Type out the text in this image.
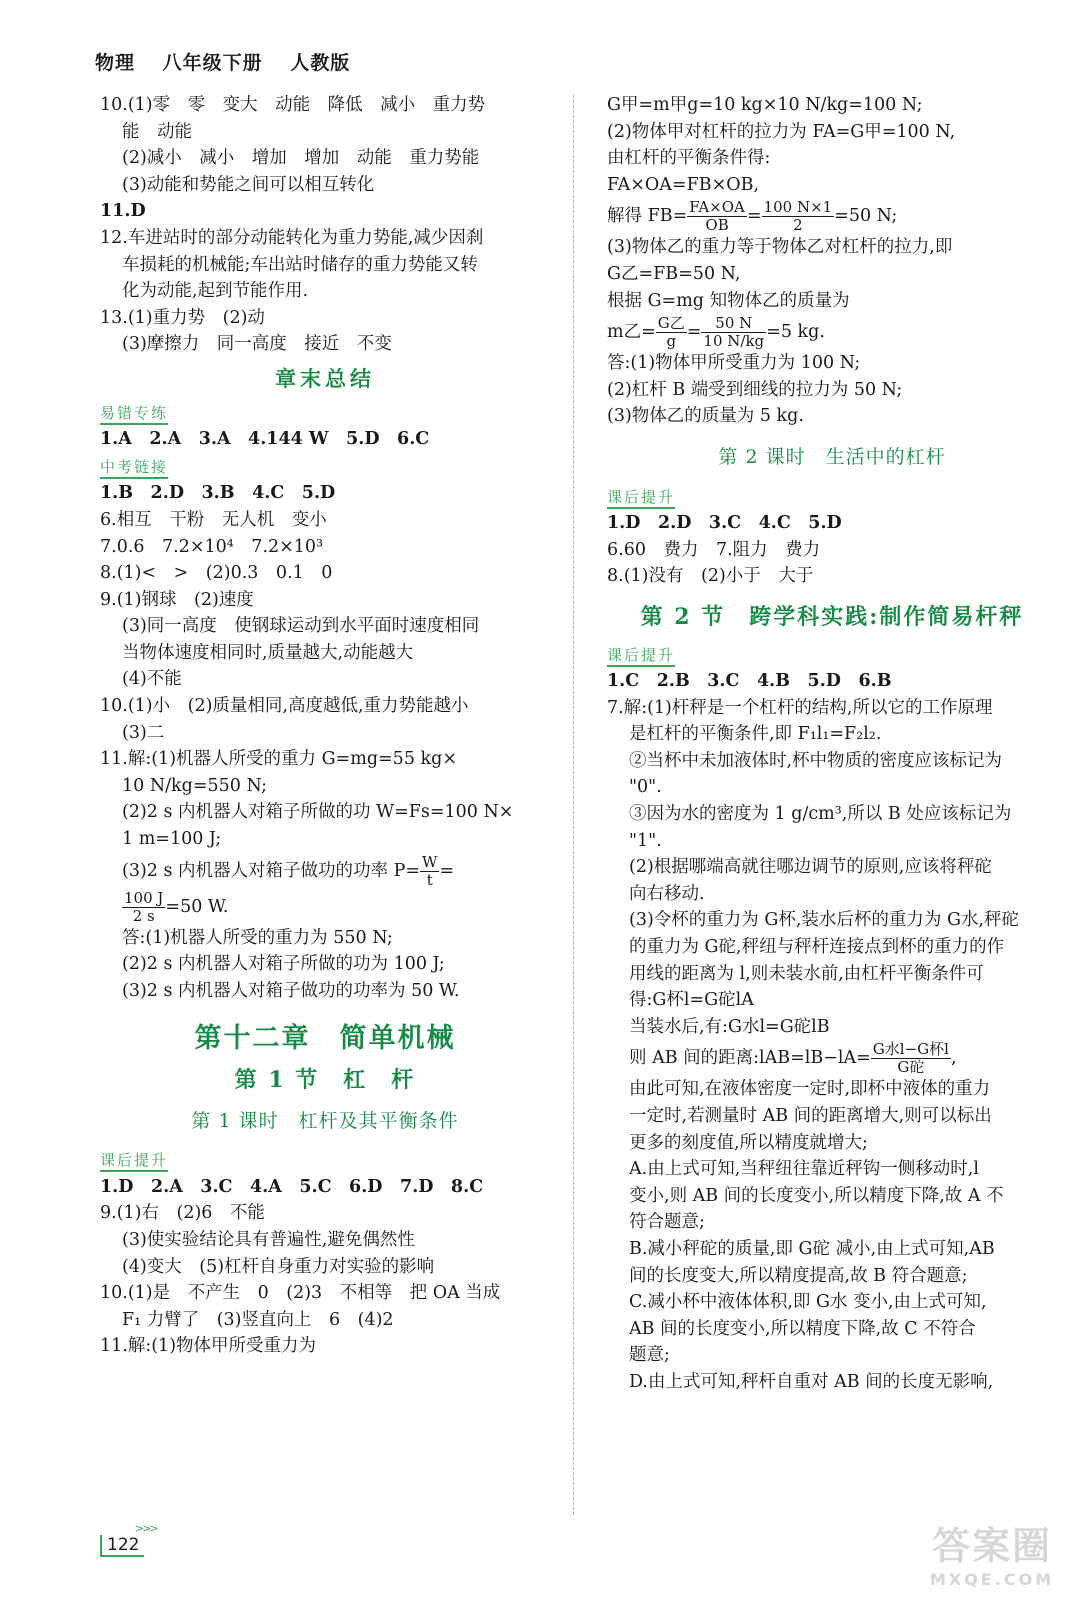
物理 八年级下册 人教版
10.(1)零　零　变大　动能　降低　减小　重力势
能　动能
(2)减小　减小　增加　增加　动能　重力势能
(3)动能和势能之间可以相互转化
11.D
12.车进站时的部分动能转化为重力势能,减少因刹
车损耗的机械能;车出站时储存的重力势能又转
化为动能,起到节能作用.
13.(1)重力势　(2)动
(3)摩擦力　同一高度　接近　不变
章末总结
易错专练
1.A　2.A　3.A　4.144 W　5.D　6.C
中考链接
1.B　2.D　3.B　4.C　5.D
6.相互　干粉　无人机　变小
7.0.6　7.2×10⁴　7.2×10³
8.(1)<　>　(2)0.3　0.1　0
9.(1)钢球　(2)速度
(3)同一高度　使钢球运动到水平面时速度相同
当物体速度相同时,质量越大,动能越大
(4)不能
10.(1)小　(2)质量相同,高度越低,重力势能越小
(3)二
11.解:(1)机器人所受的重力 G=mg=55 kg×
10 N/kg=550 N;
(2)2 s 内机器人对箱子所做的功 W=Fs=100 N×
1 m=100 J;
(3)2 s 内机器人对箱子做功的功率 $P= \frac{W}{t}$ =
$\frac{100 J}{2 s} =50$ W.
答:(1)机器人所受的重力为 550 N;
(2)2 s 内机器人对箱子所做的功为 100 J;
(3)2 s 内机器人对箱子做功的功率为 50 W.
第十二章　简单机械
第 1 节　杠　杆
第 1 课时　杠杆及其平衡条件
课后提升
1.D　2.A　3.C　4.A　5.C　6.D　7.D　8.C
9.(1)右　(2)6　不能
(3)使实验结论具有普遍性,避免偶然性
(4)变大　(5)杠杆自身重力对实验的影响
10.(1)是　不产生　0　(2)3　不相等　把 OA 当成
F₁ 力臂了　(3)竖直向上　6　(4)2
11.解:(1)物体甲所受重力为
G甲=m甲g=10 kg×10 N/kg=100 N;
(2)物体甲对杠杆的拉力为 FA=G甲=100 N,
由杠杆的平衡条件得:
FA×OA=FB×OB,
解得 $FB= \frac{FA\times OA}{OB} = \frac{100 N\times 1}{2} =50$ N;
(3)物体乙的重力等于物体乙对杠杆的拉力,即
G乙=FB=50 N,
根据 G=mg 知物体乙的质量为
m乙= $\frac{\text{G乙}}{g} = \frac{50 N}{10 N/kg} =5$ kg.
答:(1)物体甲所受重力为 100 N;
(2)杠杆 B 端受到细线的拉力为 50 N;
(3)物体乙的质量为 5 kg.
第 2 课时　生活中的杠杆
课后提升
1.D　2.D　3.C　4.C　5.D
6.60　费力　7.阻力　费力
8.(1)没有　(2)小于　大于
第 2 节　跨学科实践:制作简易杆秤
课后提升
1.C　2.B　3.C　4.B　5.D　6.B
7.解:(1)杆秤是一个杠杆的结构,所以它的工作原理
是杠杆的平衡条件,即 F₁l₁=F₂l₂.
②当杯中未加液体时,杯中物质的密度应该标记为
"0".
③因为水的密度为 1 g/cm³,所以 B 处应该标记为
"1".
(2)根据哪端高就往哪边调节的原则,应该将秤砣
向右移动.
(3)令杯的重力为 G杯,装水后杯的重力为 G水,秤砣
的重力为 G砣,秤纽与秤杆连接点到杯的重力的作
用线的距离为 l,则未装水前,由杠杆平衡条件可
得:G杯l=G砣lA
当装水后,有:G水l=G砣lB
则 AB 间的距离:lAB=lB−lA= $\frac{\text{G水l−G杯l}}{\text{G砣}}$ ,
由此可知,在液体密度一定时,即杯中液体的重力
一定时,若测量时 AB 间的距离增大,则可以标出
更多的刻度值,所以精度就增大;
A.由上式可知,当秤纽往靠近秤钩一侧移动时,l
变小,则 AB 间的长度变小,所以精度下降,故 A 不
符合题意;
B.减小秤砣的质量,即 G砣 减小,由上式可知,AB
间的长度变大,所以精度提高,故 B 符合题意;
C.减小杯中液体体积,即 G水 变小,由上式可知,
AB 间的长度变小,所以精度下降,故 C 不符合
题意;
D.由上式可知,秤杆自重对 AB 间的长度无影响,
>>>
122	答案圈
MXQE.COM
